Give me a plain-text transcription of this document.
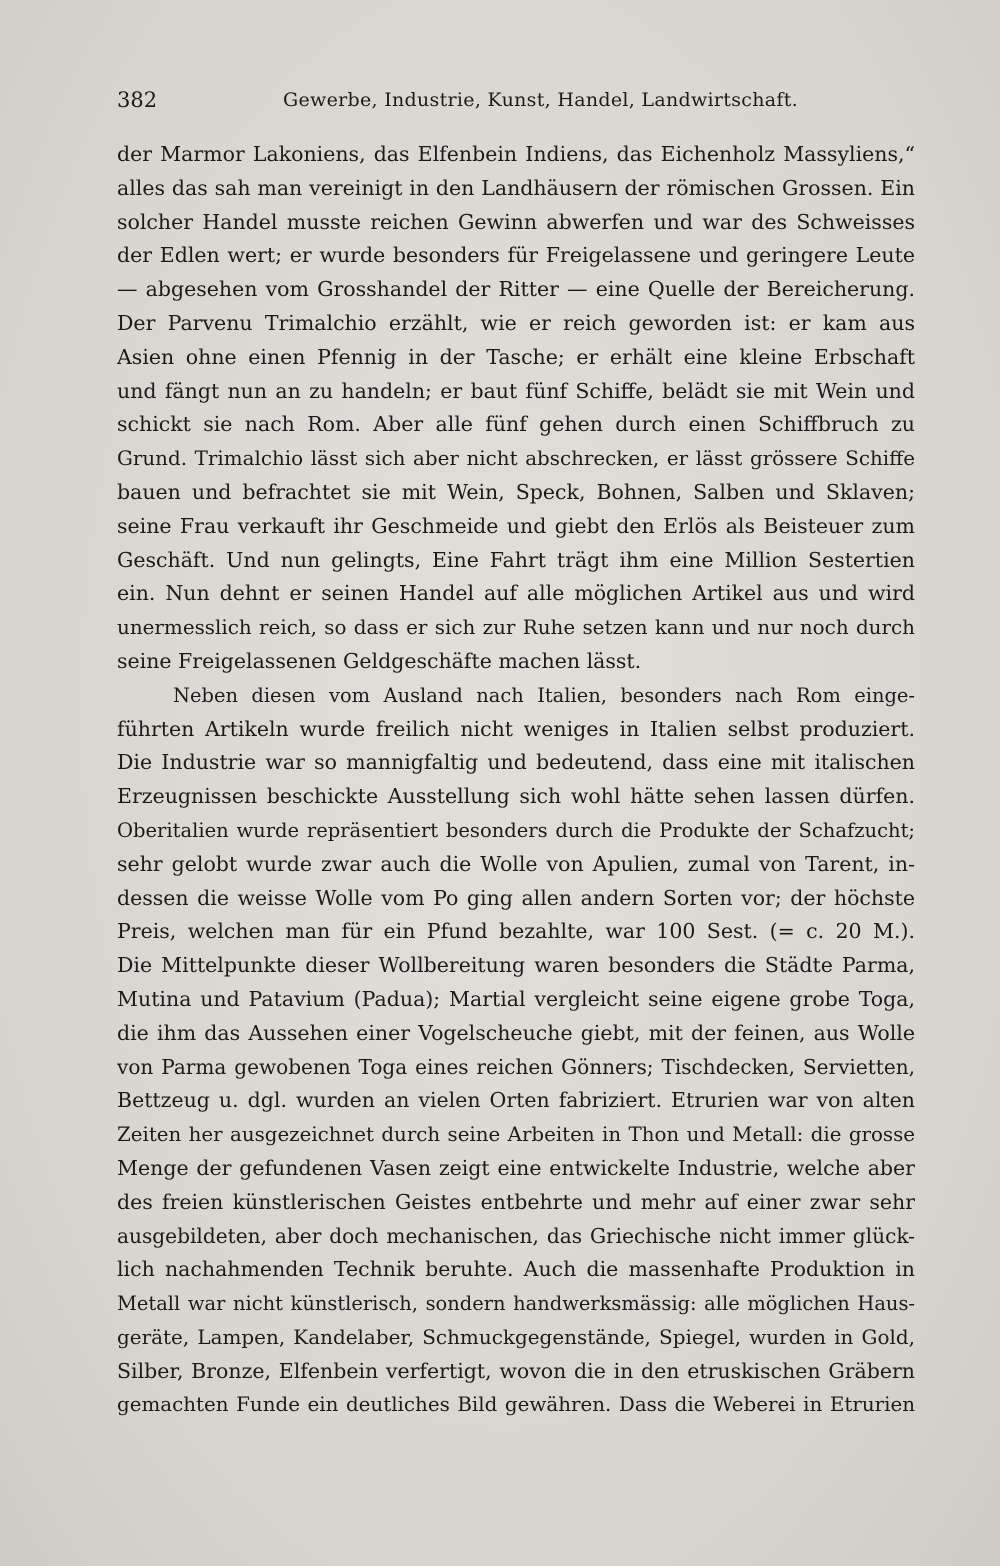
382	Gewerbe, Industrie, Kunst, Handel, Landwirtschaft.
der Marmor Lakoniens, das Elfenbein Indiens, das Eichenholz Massyliens,“
alles das sah man vereinigt in den Landhäusern der römischen Grossen. Ein
solcher Handel musste reichen Gewinn abwerfen und war des Schweisses
der Edlen wert; er wurde besonders für Freigelassene und geringere Leute
— abgesehen vom Grosshandel der Ritter — eine Quelle der Bereicherung.
Der Parvenu Trimalchio erzählt, wie er reich geworden ist: er kam aus
Asien ohne einen Pfennig in der Tasche; er erhält eine kleine Erbschaft
und fängt nun an zu handeln; er baut fünf Schiffe, belädt sie mit Wein und
schickt sie nach Rom. Aber alle fünf gehen durch einen Schiffbruch zu
Grund. Trimalchio lässt sich aber nicht abschrecken, er lässt grössere Schiffe
bauen und befrachtet sie mit Wein, Speck, Bohnen, Salben und Sklaven;
seine Frau verkauft ihr Geschmeide und giebt den Erlös als Beisteuer zum
Geschäft. Und nun gelingts, Eine Fahrt trägt ihm eine Million Sestertien
ein. Nun dehnt er seinen Handel auf alle möglichen Artikel aus und wird
unermesslich reich, so dass er sich zur Ruhe setzen kann und nur noch durch
seine Freigelassenen Geldgeschäfte machen lässt.
Neben diesen vom Ausland nach Italien, besonders nach Rom einge-
führten Artikeln wurde freilich nicht weniges in Italien selbst produziert.
Die Industrie war so mannigfaltig und bedeutend, dass eine mit italischen
Erzeugnissen beschickte Ausstellung sich wohl hätte sehen lassen dürfen.
Oberitalien wurde repräsentiert besonders durch die Produkte der Schafzucht;
sehr gelobt wurde zwar auch die Wolle von Apulien, zumal von Tarent, in-
dessen die weisse Wolle vom Po ging allen andern Sorten vor; der höchste
Preis, welchen man für ein Pfund bezahlte, war 100 Sest. (= c. 20 M.).
Die Mittelpunkte dieser Wollbereitung waren besonders die Städte Parma,
Mutina und Patavium (Padua); Martial vergleicht seine eigene grobe Toga,
die ihm das Aussehen einer Vogelscheuche giebt, mit der feinen, aus Wolle
von Parma gewobenen Toga eines reichen Gönners; Tischdecken, Servietten,
Bettzeug u. dgl. wurden an vielen Orten fabriziert. Etrurien war von alten
Zeiten her ausgezeichnet durch seine Arbeiten in Thon und Metall: die grosse
Menge der gefundenen Vasen zeigt eine entwickelte Industrie, welche aber
des freien künstlerischen Geistes entbehrte und mehr auf einer zwar sehr
ausgebildeten, aber doch mechanischen, das Griechische nicht immer glück-
lich nachahmenden Technik beruhte. Auch die massenhafte Produktion in
Metall war nicht künstlerisch, sondern handwerksmässig: alle möglichen Haus-
geräte, Lampen, Kandelaber, Schmuckgegenstände, Spiegel, wurden in Gold,
Silber, Bronze, Elfenbein verfertigt, wovon die in den etruskischen Gräbern
gemachten Funde ein deutliches Bild gewähren. Dass die Weberei in Etrurien
